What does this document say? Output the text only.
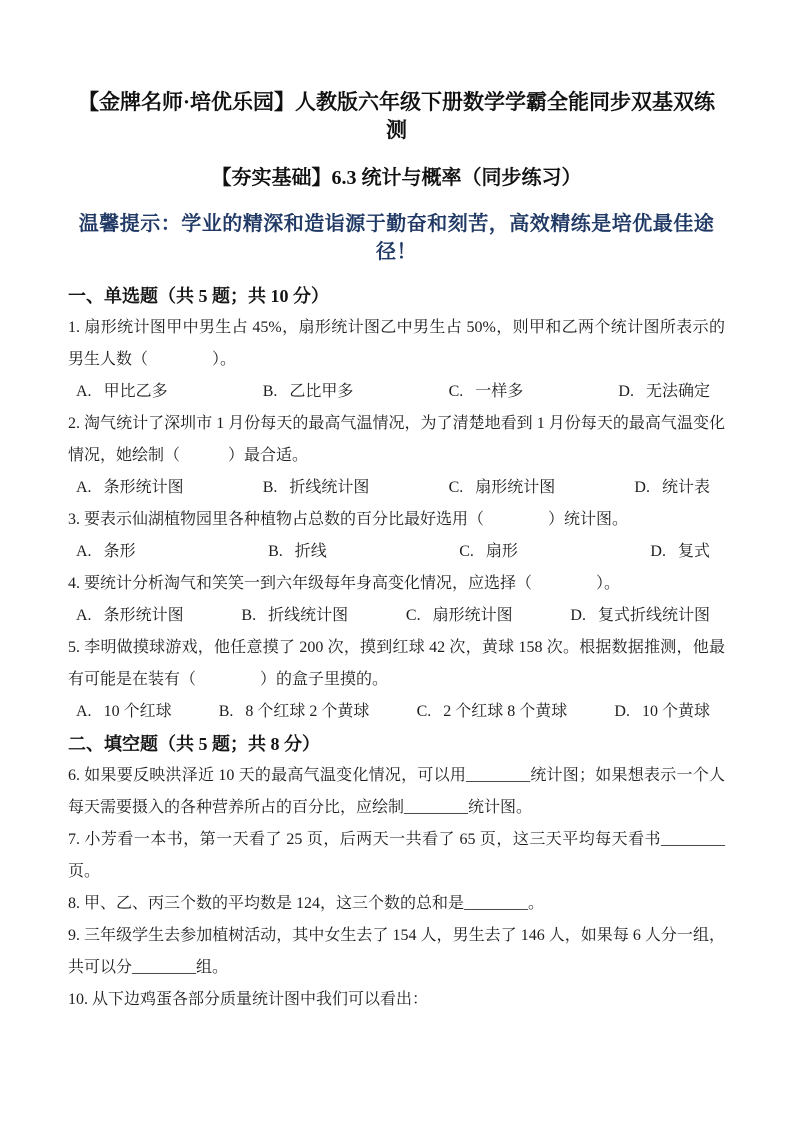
【金牌名师·培优乐园】人教版六年级下册数学学霸全能同步双基双练测
【夯实基础】6.3 统计与概率（同步练习）

温馨提示：学业的精深和造诣源于勤奋和刻苦，高效精练是培优最佳途径！

一、单选题（共 5 题；共 10 分）

1. 扇形统计图甲中男生占 45%，扇形统计图乙中男生占 50%，则甲和乙两个统计图所表示的男生人数（　　　　）。

A. 甲比乙多	B. 乙比甲多	C. 一样多	D. 无法确定

2. 淘气统计了深圳市 1 月份每天的最高气温情况，为了清楚地看到 1 月份每天的最高气温变化情况，她绘制（　　　）最合适。

A. 条形统计图	B. 折线统计图	C. 扇形统计图	D. 统计表

3. 要表示仙湖植物园里各种植物占总数的百分比最好选用（　　　　）统计图。

A. 条形	B. 折线	C. 扇形	D. 复式

4. 要统计分析淘气和笑笑一到六年级每年身高变化情况，应选择（　　　　）。

A. 条形统计图	B. 折线统计图	C. 扇形统计图	D. 复式折线统计图

5. 李明做摸球游戏，他任意摸了 200 次，摸到红球 42 次，黄球 158 次。根据数据推测，他最有可能是在装有（　　　　）的盒子里摸的。

A. 10 个红球	B. 8 个红球 2 个黄球	C. 2 个红球 8 个黄球	D. 10 个黄球
二、填空题（共 5 题；共 8 分）

6. 如果要反映洪泽近 10 天的最高气温变化情况，可以用________统计图；如果想表示一个人每天需要摄入的各种营养所占的百分比，应绘制________统计图。

7. 小芳看一本书，第一天看了 25 页，后两天一共看了 65 页，这三天平均每天看书________页。

8. 甲、乙、丙三个数的平均数是 124，这三个数的总和是________。

9. 三年级学生去参加植树活动，其中女生去了 154 人，男生去了 146 人，如果每 6 人分一组，共可以分________组。

10. 从下边鸡蛋各部分质量统计图中我们可以看出：
